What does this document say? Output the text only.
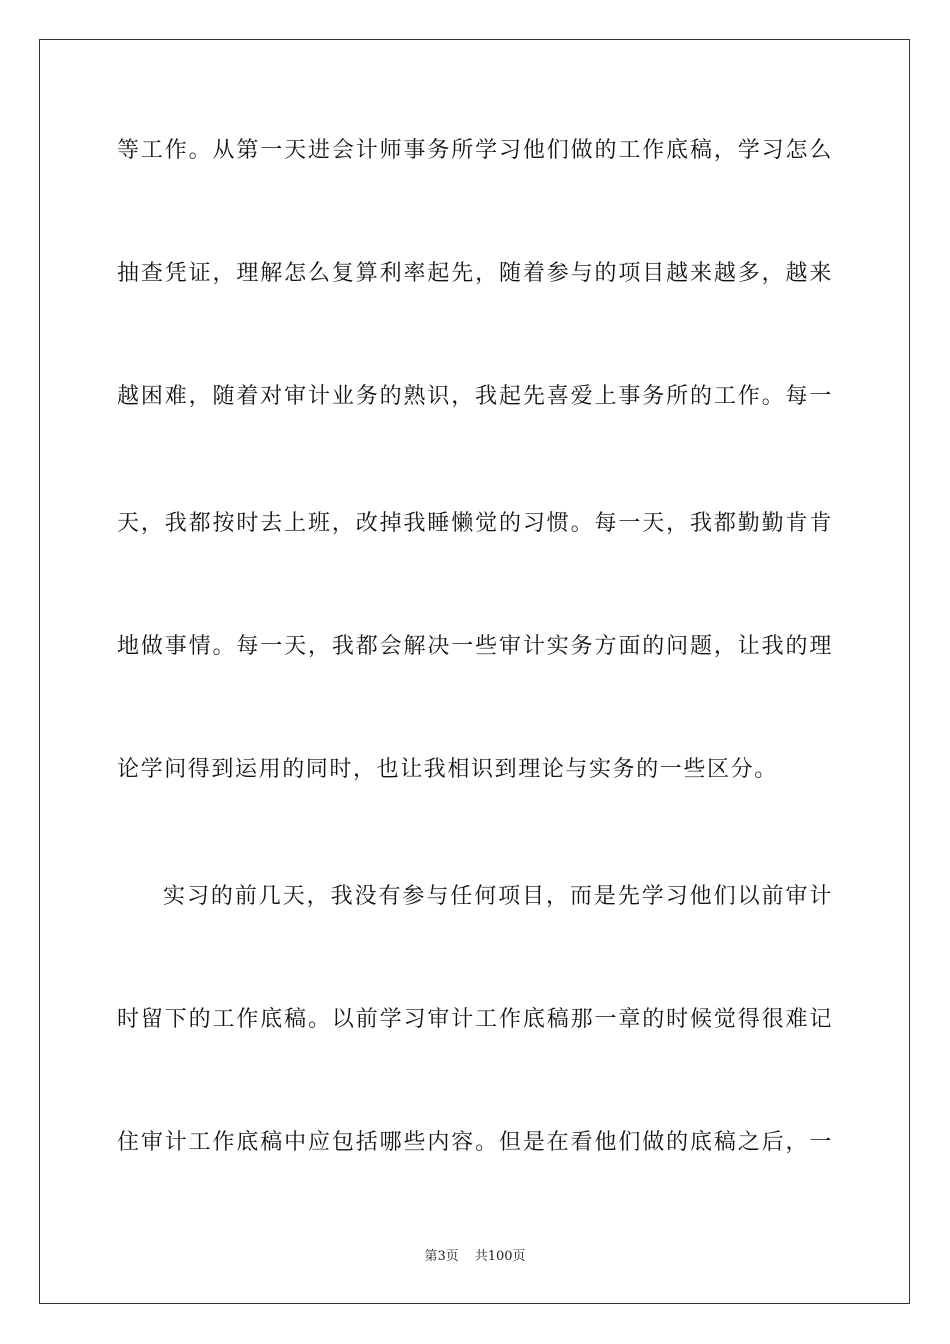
等工作。从第一天进会计师事务所学习他们做的工作底稿，学习怎么
抽查凭证，理解怎么复算利率起先，随着参与的项目越来越多，越来
越困难，随着对审计业务的熟识，我起先喜爱上事务所的工作。每一
天，我都按时去上班，改掉我睡懒觉的习惯。每一天，我都勤勤肯肯
地做事情。每一天，我都会解决一些审计实务方面的问题，让我的理
论学问得到运用的同时，也让我相识到理论与实务的一些区分。
实习的前几天，我没有参与任何项目，而是先学习他们以前审计
时留下的工作底稿。以前学习审计工作底稿那一章的时候觉得很难记
住审计工作底稿中应包括哪些内容。但是在看他们做的底稿之后，一
第3页 共100页
